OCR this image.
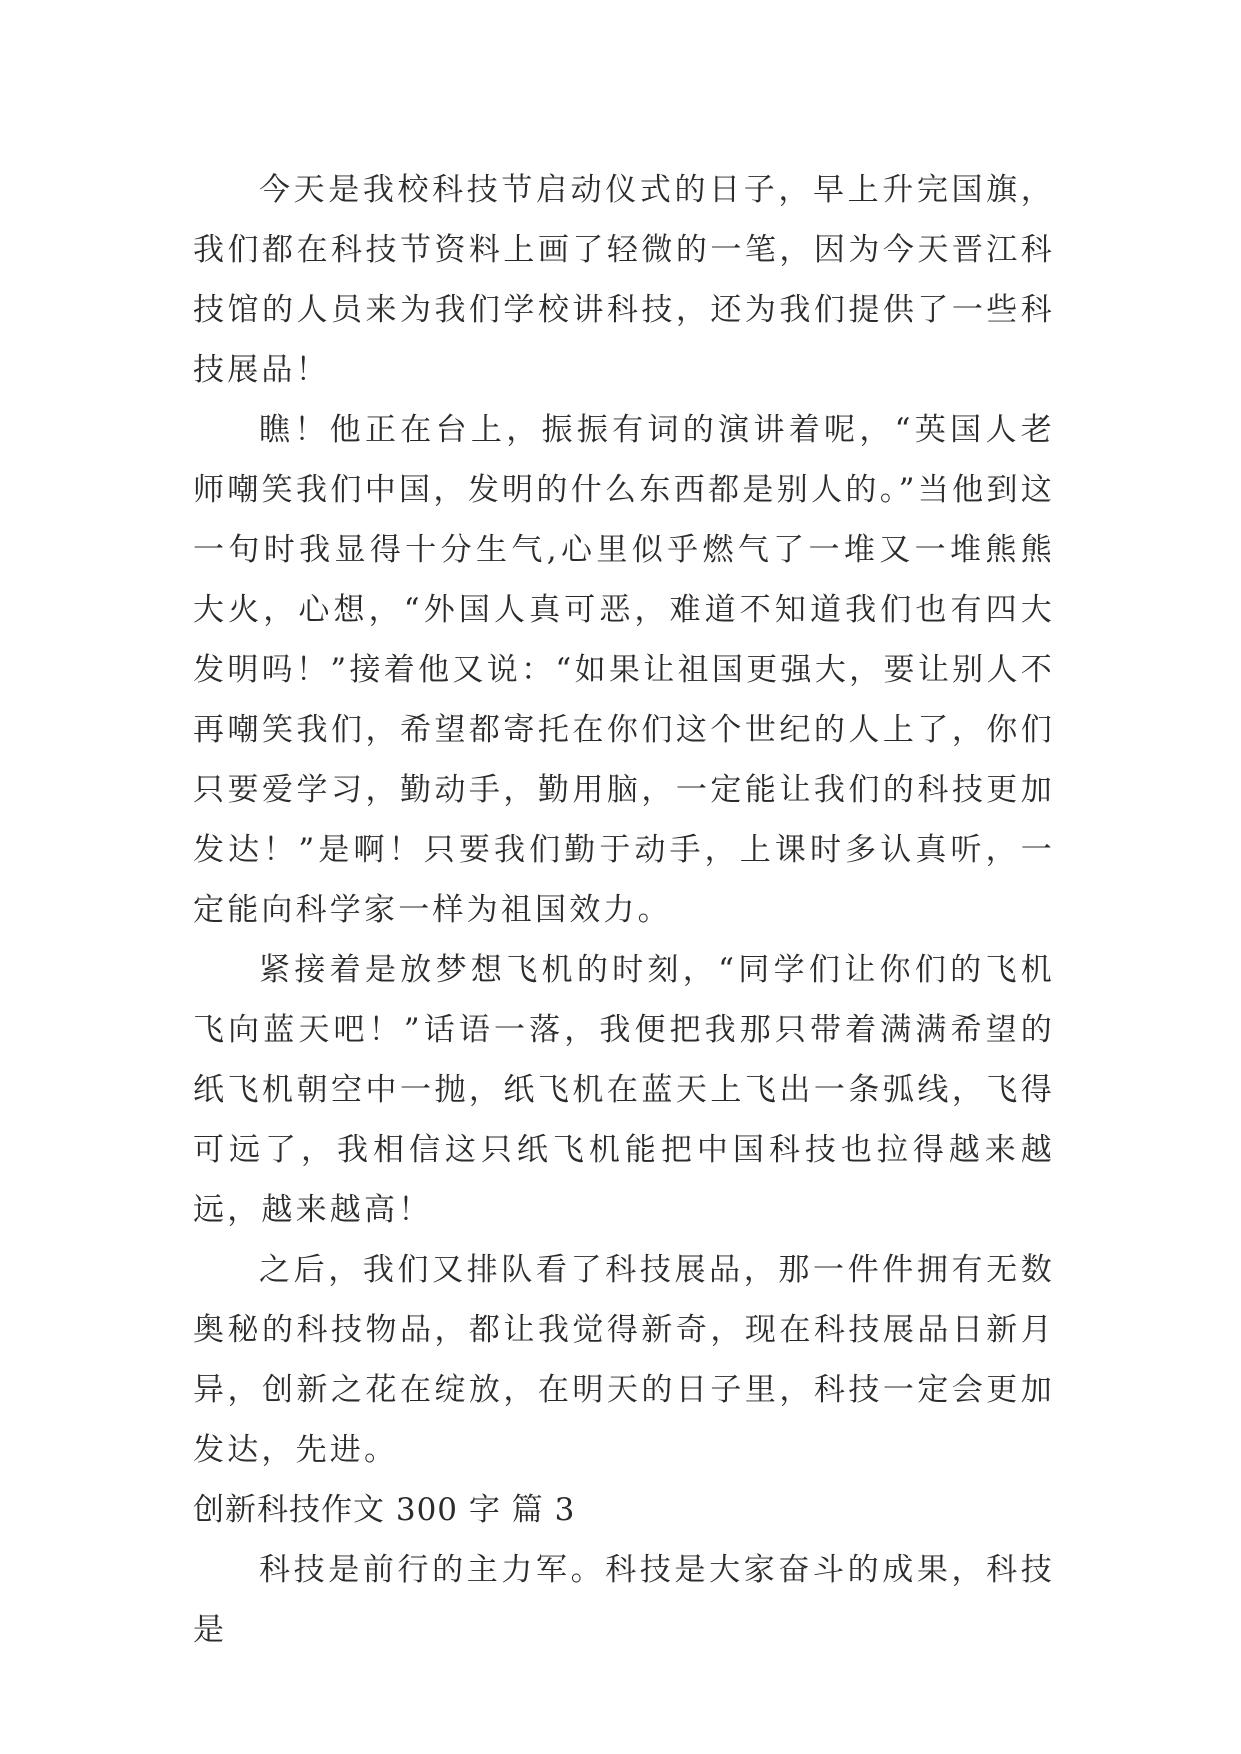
今天是我校科技节启动仪式的日子，早上升完国旗，我们都在科技节资料上画了轻微的一笔，因为今天晋江科技馆的人员来为我们学校讲科技，还为我们提供了一些科技展品！

瞧！他正在台上，振振有词的演讲着呢，“英国人老师嘲笑我们中国，发明的什么东西都是别人的。”当他到这一句时我显得十分生气,心里似乎燃气了一堆又一堆熊熊大火，心想，“外国人真可恶，难道不知道我们也有四大发明吗！”接着他又说：“如果让祖国更强大，要让别人不再嘲笑我们，希望都寄托在你们这个世纪的人上了，你们只要爱学习，勤动手，勤用脑，一定能让我们的科技更加发达！”是啊！只要我们勤于动手，上课时多认真听，一定能向科学家一样为祖国效力。

紧接着是放梦想飞机的时刻，“同学们让你们的飞机飞向蓝天吧！”话语一落，我便把我那只带着满满希望的纸飞机朝空中一抛，纸飞机在蓝天上飞出一条弧线，飞得可远了，我相信这只纸飞机能把中国科技也拉得越来越远，越来越高！

之后，我们又排队看了科技展品，那一件件拥有无数奥秘的科技物品，都让我觉得新奇，现在科技展品日新月异，创新之花在绽放，在明天的日子里，科技一定会更加发达，先进。

创新科技作文 300 字 篇 3

科技是前行的主力军。科技是大家奋斗的成果，科技是
